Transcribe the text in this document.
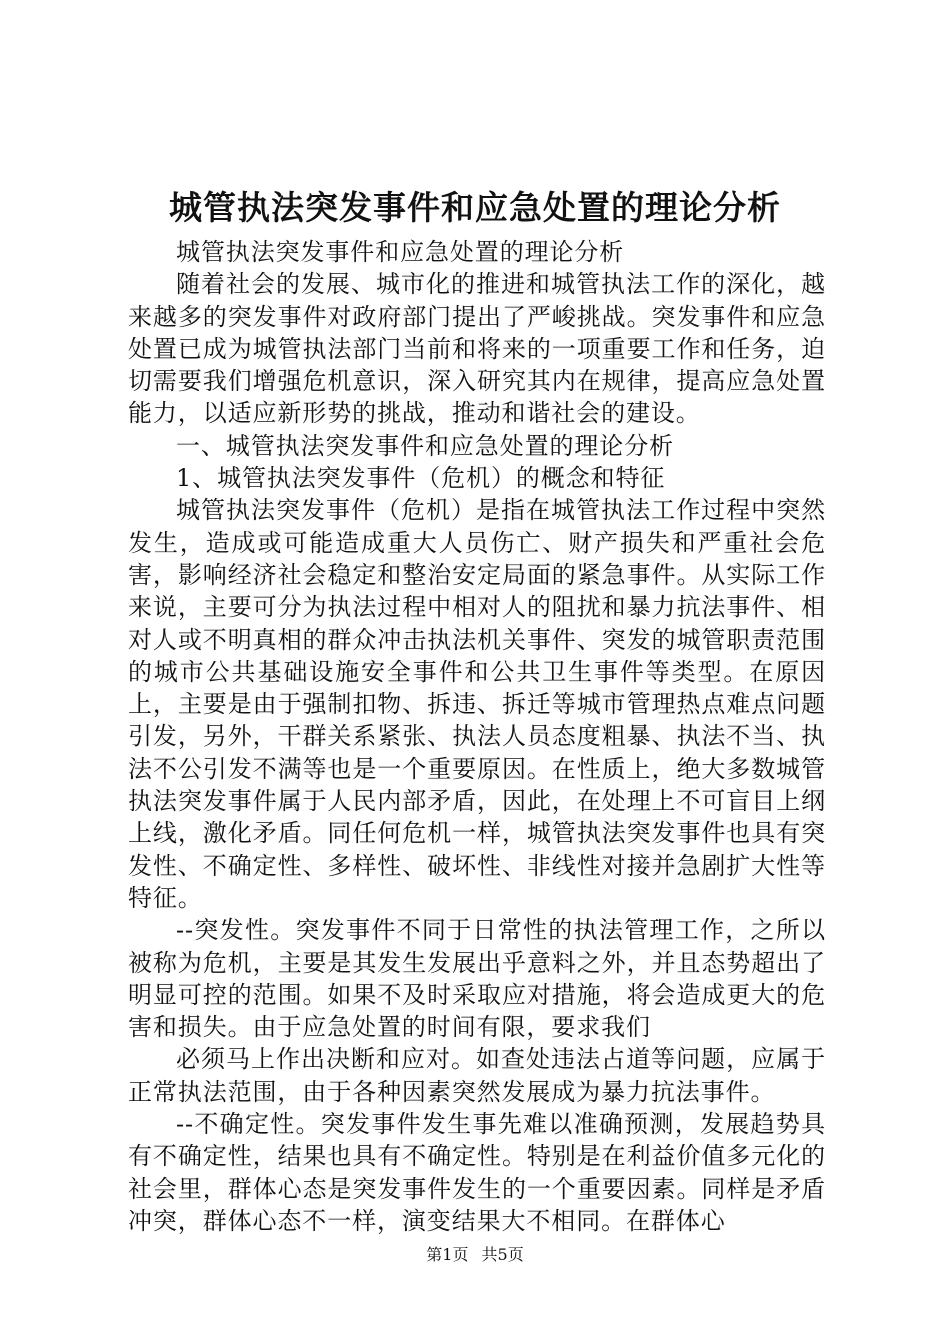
城管执法突发事件和应急处置的理论分析

城管执法突发事件和应急处置的理论分析

随着社会的发展、城市化的推进和城管执法工作的深化，越来越多的突发事件对政府部门提出了严峻挑战。突发事件和应急处置已成为城管执法部门当前和将来的一项重要工作和任务，迫切需要我们增强危机意识，深入研究其内在规律，提高应急处置能力，以适应新形势的挑战，推动和谐社会的建设。

一、城管执法突发事件和应急处置的理论分析

1、城管执法突发事件（危机）的概念和特征

城管执法突发事件（危机）是指在城管执法工作过程中突然发生，造成或可能造成重大人员伤亡、财产损失和严重社会危害，影响经济社会稳定和整治安定局面的紧急事件。从实际工作来说，主要可分为执法过程中相对人的阻扰和暴力抗法事件、相对人或不明真相的群众冲击执法机关事件、突发的城管职责范围的城市公共基础设施安全事件和公共卫生事件等类型。在原因上，主要是由于强制扣物、拆违、拆迁等城市管理热点难点问题引发，另外，干群关系紧张、执法人员态度粗暴、执法不当、执法不公引发不满等也是一个重要原因。在性质上，绝大多数城管执法突发事件属于人民内部矛盾，因此，在处理上不可盲目上纲上线，激化矛盾。同任何危机一样，城管执法突发事件也具有突发性、不确定性、多样性、破坏性、非线性对接并急剧扩大性等特征。

--突发性。突发事件不同于日常性的执法管理工作，之所以被称为危机，主要是其发生发展出乎意料之外，并且态势超出了明显可控的范围。如果不及时采取应对措施，将会造成更大的危害和损失。由于应急处置的时间有限，要求我们

必须马上作出决断和应对。如查处违法占道等问题，应属于正常执法范围，由于各种因素突然发展成为暴力抗法事件。

--不确定性。突发事件发生事先难以准确预测，发展趋势具有不确定性，结果也具有不确定性。特别是在利益价值多元化的社会里，群体心态是突发事件发生的一个重要因素。同样是矛盾冲突，群体心态不一样，演变结果大不相同。在群体心

第1页 共5页
